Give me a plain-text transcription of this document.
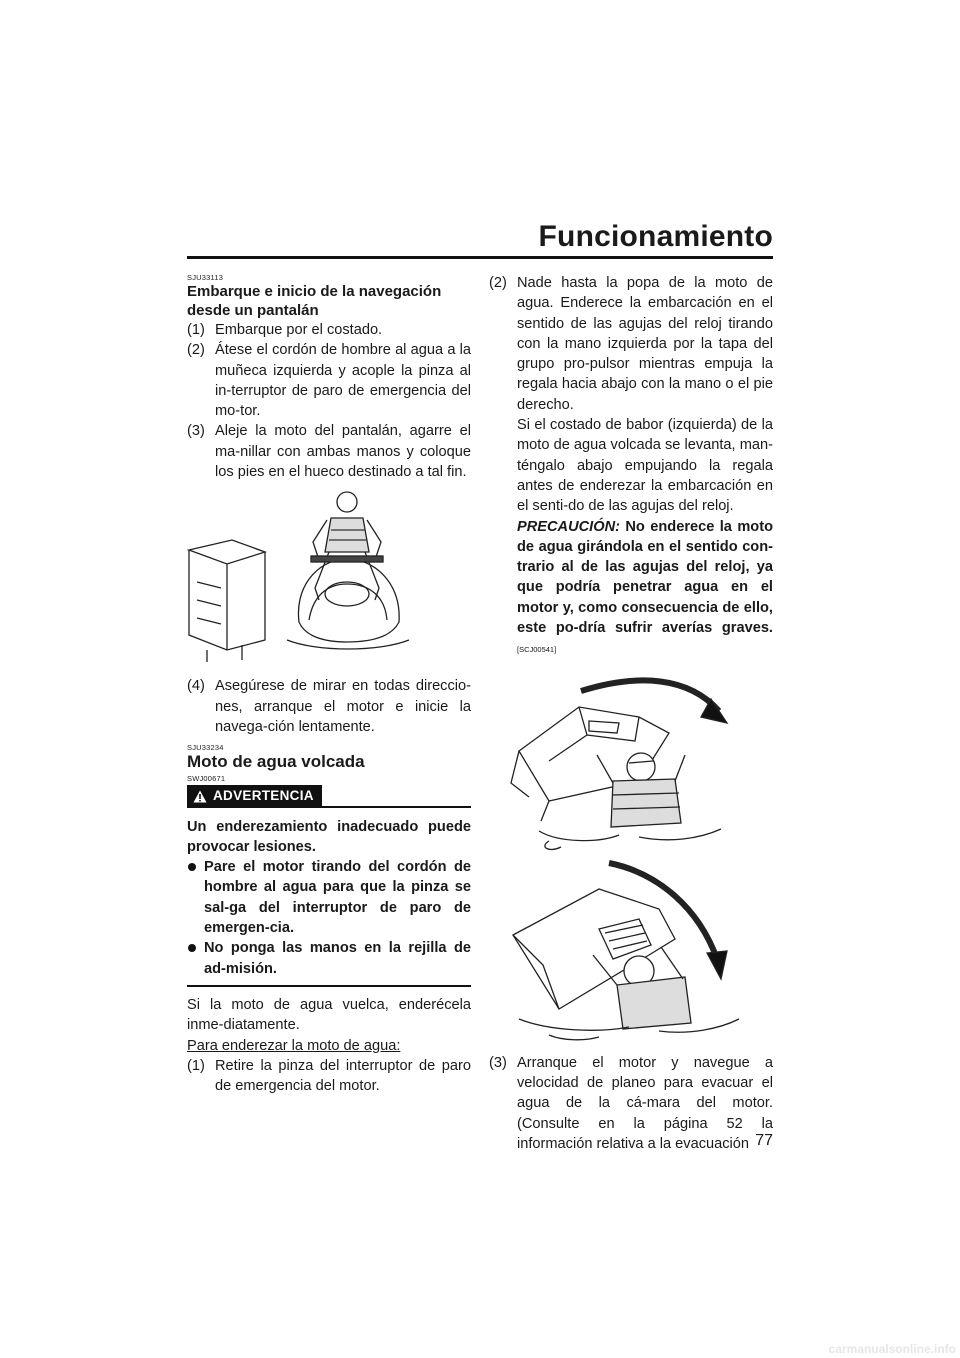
Funcionamiento
SJU33113
Embarque e inicio de la navegación desde un pantalán
(1) Embarque por el costado.
(2) Átese el cordón de hombre al agua a la muñeca izquierda y acople la pinza al in-terruptor de paro de emergencia del mo-tor.
(3) Aleje la moto del pantalán, agarre el ma-nillar con ambas manos y coloque los pies en el hueco destinado a tal fin.
(4) Asegúrese de mirar en todas direccio-nes, arranque el motor e inicie la navega-ción lentamente.
SJU33234
Moto de agua volcada
SWJ00671
ADVERTENCIA
Un enderezamiento inadecuado puede provocar lesiones.
Pare el motor tirando del cordón de hombre al agua para que la pinza se sal-ga del interruptor de paro de emergen-cia.
No ponga las manos en la rejilla de ad-misión.
Si la moto de agua vuelca, enderécela inme-diatamente.
Para enderezar la moto de agua:
(1) Retire la pinza del interruptor de paro de emergencia del motor.
(2) Nade hasta la popa de la moto de agua. Enderece la embarcación en el sentido de las agujas del reloj tirando con la mano izquierda por la tapa del grupo pro-pulsor mientras empuja la regala hacia abajo con la mano o el pie derecho.
Si el costado de babor (izquierda) de la moto de agua volcada se levanta, man-téngalo abajo empujando la regala antes de enderezar la embarcación en el senti-do de las agujas del reloj.
PRECAUCIÓN: No enderece la moto de agua girándola en el sentido con-trario al de las agujas del reloj, ya que podría penetrar agua en el motor y, como consecuencia de ello, este po-dría sufrir averías graves. [SCJ00541]
(3) Arranque el motor y navegue a velocidad de planeo para evacuar el agua de la cá-mara del motor. (Consulte en la página 52 la información relativa a la evacuación 77
carmanualsonline.info
